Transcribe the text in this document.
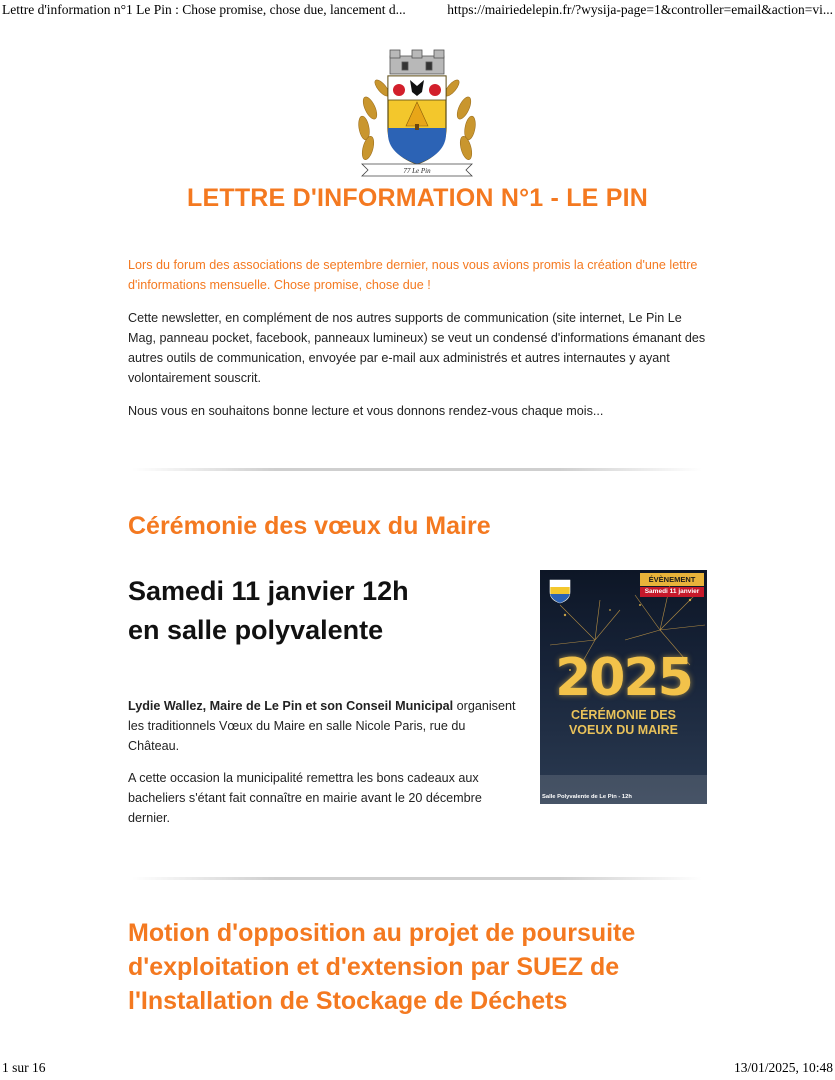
Lettre d'information n°1 Le Pin : Chose promise, chose due, lancement d...	https://mairiedelepin.fr/?wysija-page=1&controller=email&action=vi...
77 Le Pin
LETTRE D'INFORMATION N°1 - LE PIN

Lors du forum des associations de septembre dernier, nous vous avions promis la création d'une lettre d'informations mensuelle. Chose promise, chose due !

Cette newsletter, en complément de nos autres supports de communication (site internet, Le Pin Le Mag, panneau pocket, facebook, panneaux lumineux) se veut un condensé d'informations émanant des autres outils de communication, envoyée par e-mail aux administrés et autres internautes y ayant volontairement souscrit.

Nous vous en souhaitons bonne lecture et vous donnons rendez-vous chaque mois...

Cérémonie des vœux du Maire
Samedi 11 janvier 12h
en salle polyvalente

Lydie Wallez, Maire de Le Pin et son Conseil Municipal organisent les traditionnels Vœux du Maire en salle Nicole Paris, rue du Château.

A cette occasion la municipalité remettra les bons cadeaux aux bacheliers s'étant fait connaître en mairie avant le 20 décembre dernier.

ÉVÈNEMENT
Samedi 11 janvier
2025
CÉRÉMONIE DES
VOEUX DU MAIRE
Salle Polyvalente de Le Pin - 12h

Motion d'opposition au projet de poursuite d'exploitation et d'extension par SUEZ de l'Installation de Stockage de Déchets

1 sur 16	13/01/2025, 10:48
